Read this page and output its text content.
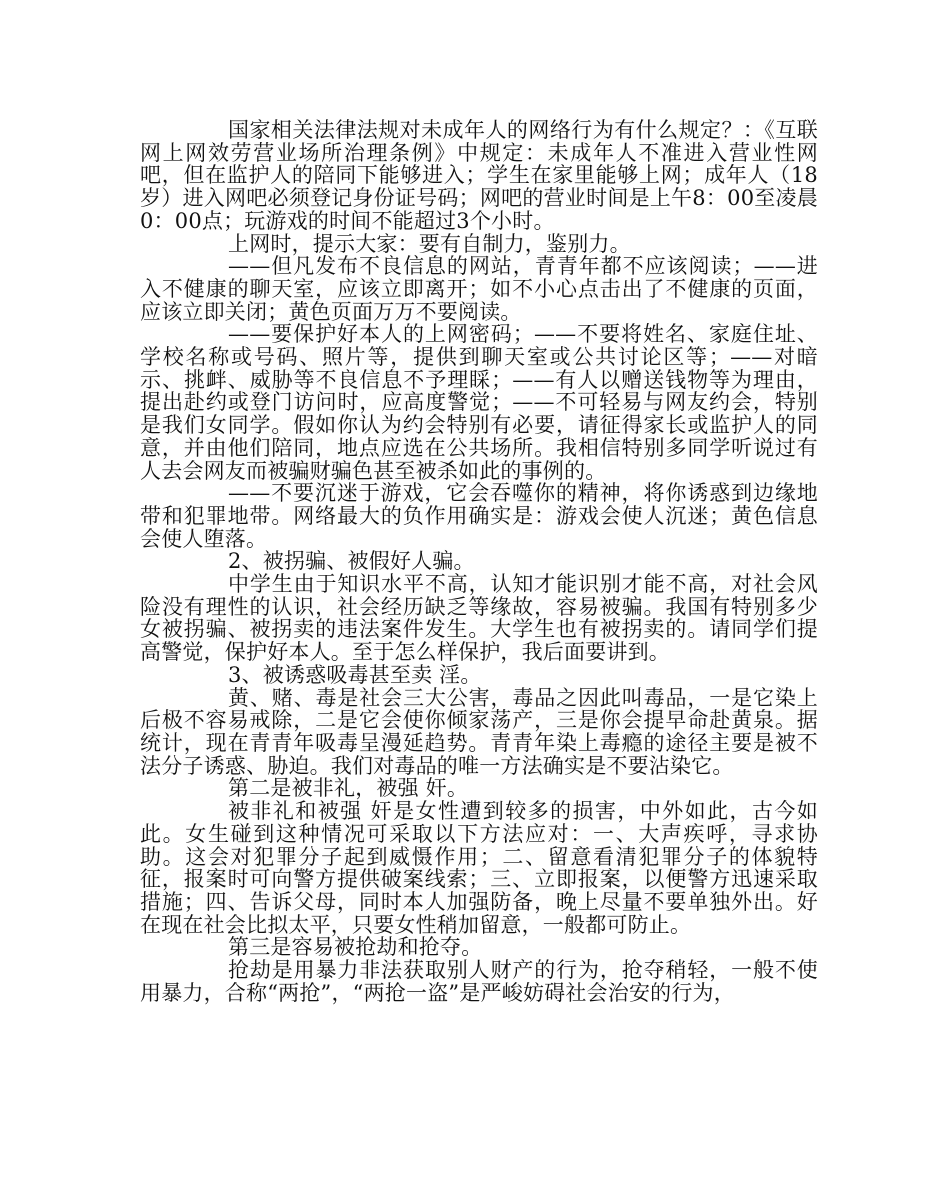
国家相关法律法规对未成年人的网络行为有什么规定？：《互联网上网效劳营业场所治理条例》中规定：未成年人不准进入营业性网吧，但在监护人的陪同下能够进入；学生在家里能够上网；成年人（18岁）进入网吧必须登记身份证号码；网吧的营业时间是上午8：00至凌晨0：00点；玩游戏的时间不能超过3个小时。

上网时，提示大家：要有自制力，鉴别力。

——但凡发布不良信息的网站，青青年都不应该阅读；——进入不健康的聊天室，应该立即离开；如不小心点击出了不健康的页面，应该立即关闭；黄色页面万万不要阅读。

——要保护好本人的上网密码；——不要将姓名、家庭住址、学校名称或号码、照片等，提供到聊天室或公共讨论区等；——对暗示、挑衅、威胁等不良信息不予理睬；——有人以赠送钱物等为理由，提出赴约或登门访问时，应高度警觉；——不可轻易与网友约会，特别是我们女同学。假如你认为约会特别有必要，请征得家长或监护人的同意，并由他们陪同，地点应选在公共场所。我相信特别多同学听说过有人去会网友而被骗财骗色甚至被杀如此的事例的。

——不要沉迷于游戏，它会吞噬你的精神，将你诱惑到边缘地带和犯罪地带。网络最大的负作用确实是：游戏会使人沉迷；黄色信息会使人堕落。

2、被拐骗、被假好人骗。

中学生由于知识水平不高，认知才能识别才能不高，对社会风险没有理性的认识，社会经历缺乏等缘故，容易被骗。我国有特别多少女被拐骗、被拐卖的违法案件发生。大学生也有被拐卖的。请同学们提高警觉，保护好本人。至于怎么样保护，我后面要讲到。

3、被诱惑吸毒甚至卖 淫。

黄、赌、毒是社会三大公害，毒品之因此叫毒品，一是它染上后极不容易戒除，二是它会使你倾家荡产，三是你会提早命赴黄泉。据统计，现在青青年吸毒呈漫延趋势。青青年染上毒瘾的途径主要是被不法分子诱惑、胁迫。我们对毒品的唯一方法确实是不要沾染它。

第二是被非礼，被强 奸。

被非礼和被强 奸是女性遭到较多的损害，中外如此，古今如此。女生碰到这种情况可采取以下方法应对：一、大声疾呼，寻求协助。这会对犯罪分子起到威慑作用；二、留意看清犯罪分子的体貌特征，报案时可向警方提供破案线索；三、立即报案，以便警方迅速采取措施；四、告诉父母，同时本人加强防备，晚上尽量不要单独外出。好在现在社会比拟太平，只要女性稍加留意，一般都可防止。

第三是容易被抢劫和抢夺。

抢劫是用暴力非法获取别人财产的行为，抢夺稍轻，一般不使用暴力，合称“两抢”，“两抢一盗”是严峻妨碍社会治安的行为，
